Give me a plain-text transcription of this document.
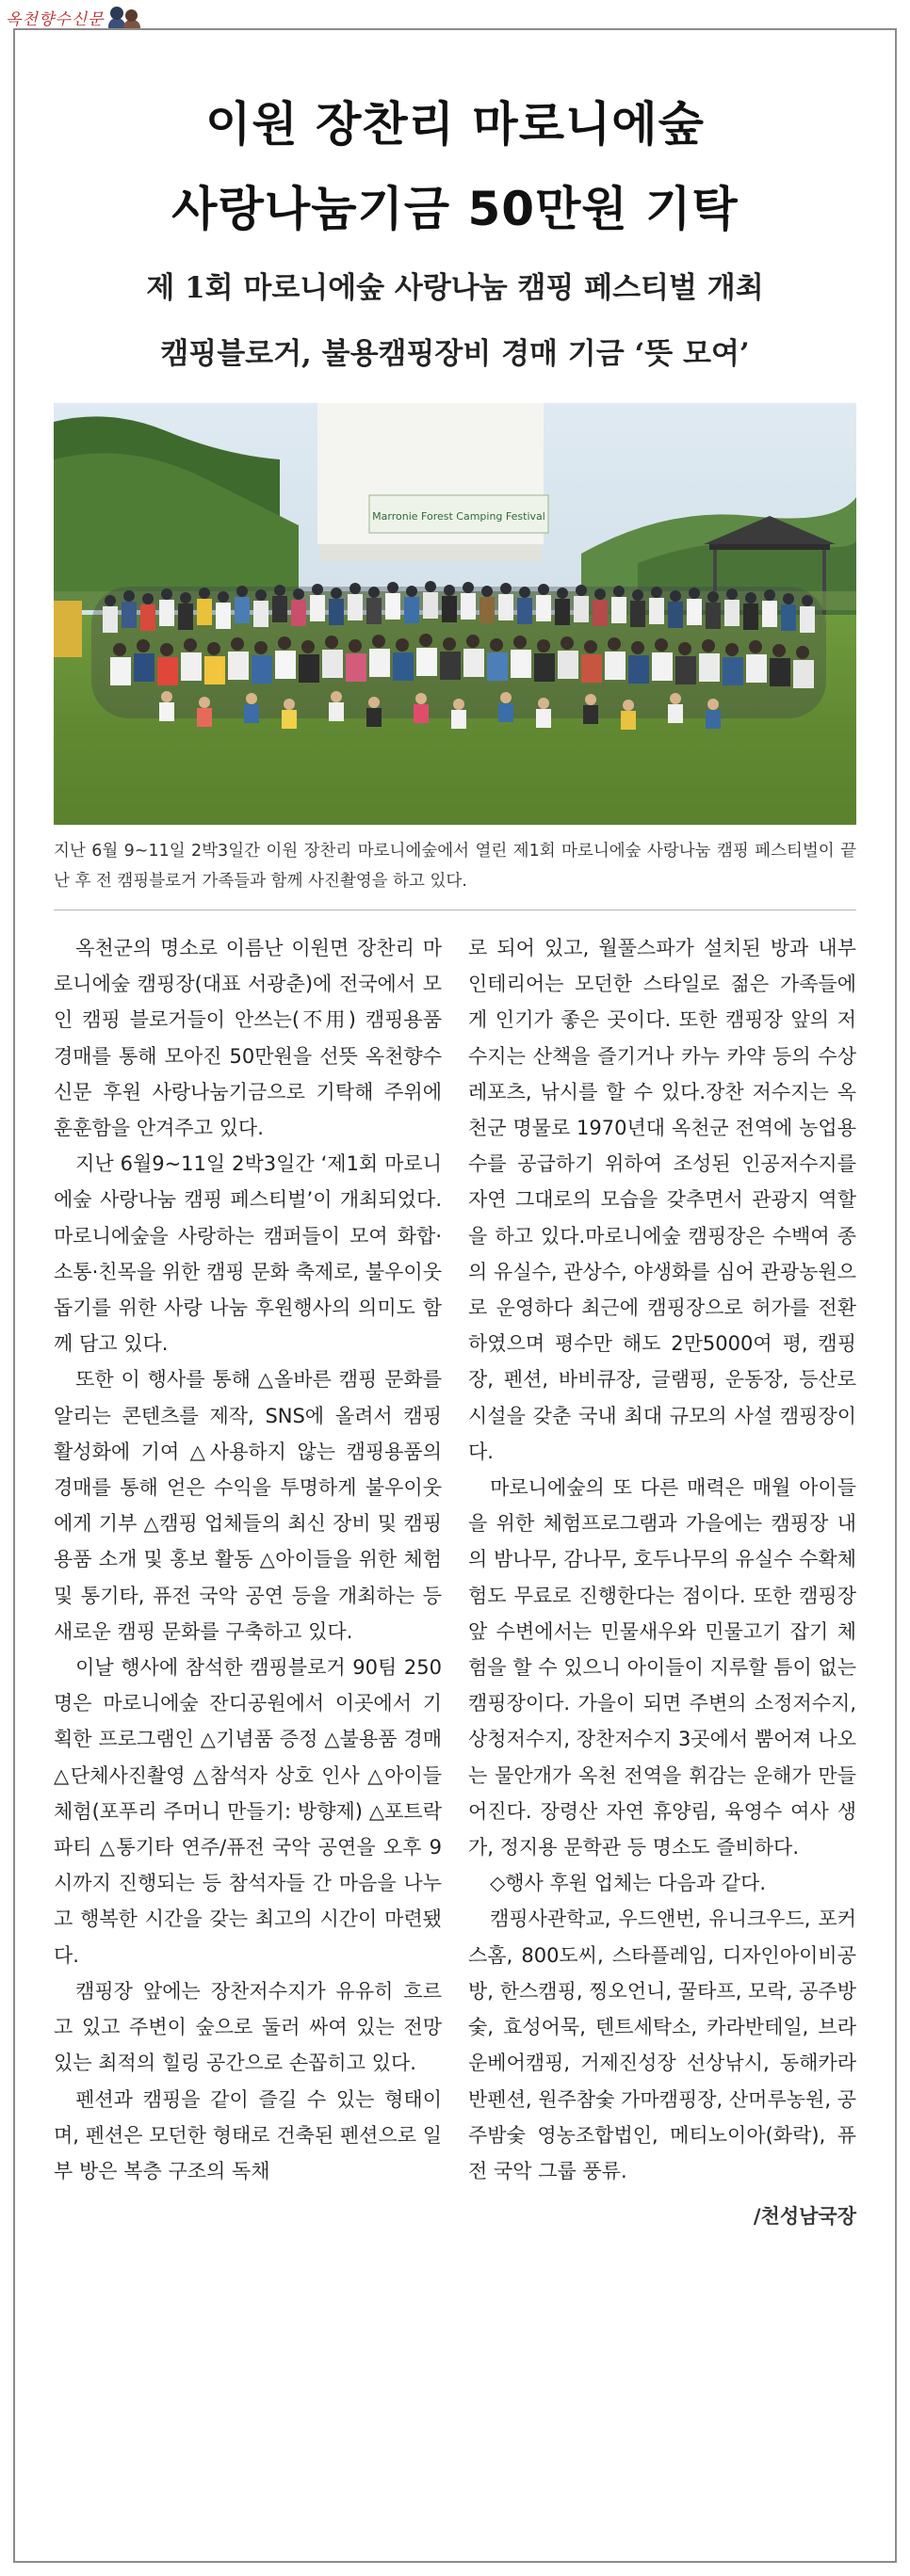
옥천향수신문
이원 장찬리 마로니에숲
사랑나눔기금 50만원 기탁
제 1회 마로니에숲 사랑나눔 캠핑 페스티벌 개최
캠핑블로거, 불용캠핑장비 경매 기금 ‘뜻 모여’
Marronie Forest Camping Festival
지난 6월 9~11일 2박3일간 이원 장찬리 마로니에숲에서 열린 제1회 마로니에숲 사랑나눔 캠핑 페스티벌이 끝난 후 전 캠핑블로거 가족들과 함께 사진촬영을 하고 있다.

옥천군의 명소로 이름난 이원면 장찬리 마로니에숲 캠핑장(대표 서광춘)에 전국에서 모인 캠핑 블로거들이 안쓰는(不用) 캠핑용품 경매를 통해 모아진 50만원을 선뜻 옥천향수신문 후원 사랑나눔기금으로 기탁해 주위에 훈훈함을 안겨주고 있다.

지난 6월9~11일 2박3일간 ‘제1회 마로니에숲 사랑나눔 캠핑 페스티벌’이 개최되었다. 마로니에숲을 사랑하는 캠퍼들이 모여 화합·소통·친목을 위한 캠핑 문화 축제로, 불우이웃 돕기를 위한 사랑 나눔 후원행사의 의미도 함께 담고 있다.

또한 이 행사를 통해 △올바른 캠핑 문화를 알리는 콘텐츠를 제작, SNS에 올려서 캠핑 활성화에 기여 △사용하지 않는 캠핑용품의 경매를 통해 얻은 수익을 투명하게 불우이웃에게 기부 △캠핑 업체들의 최신 장비 및 캠핑 용품 소개 및 홍보 활동 △아이들을 위한 체험 및 통기타, 퓨전 국악 공연 등을 개최하는 등 새로운 캠핑 문화를 구축하고 있다.

이날 행사에 참석한 캠핑블로거 90팀 250명은 마로니에숲 잔디공원에서 이곳에서 기획한 프로그램인 △기념품 증정 △불용품 경매 △단체사진촬영 △참석자 상호 인사 △아이들 체험(포푸리 주머니 만들기: 방향제) △포트락 파티 △통기타 연주/퓨전 국악 공연을 오후 9시까지 진행되는 등 참석자들 간 마음을 나누고 행복한 시간을 갖는 최고의 시간이 마련됐다.

캠핑장 앞에는 장찬저수지가 유유히 흐르고 있고 주변이 숲으로 둘러 싸여 있는 전망 있는 최적의 힐링 공간으로 손꼽히고 있다.

펜션과 캠핑을 같이 즐길 수 있는 형태이며, 펜션은 모던한 형태로 건축된 펜션으로 일부 방은 복층 구조의 독채

로 되어 있고, 월풀스파가 설치된 방과 내부 인테리어는 모던한 스타일로 젊은 가족들에게 인기가 좋은 곳이다. 또한 캠핑장 앞의 저수지는 산책을 즐기거나 카누 카약 등의 수상레포츠, 낚시를 할 수 있다.장찬 저수지는 옥천군 명물로 1970년대 옥천군 전역에 농업용수를 공급하기 위하여 조성된 인공저수지를 자연 그대로의 모습을 갖추면서 관광지 역할을 하고 있다.마로니에숲 캠핑장은 수백여 종의 유실수, 관상수, 야생화를 심어 관광농원으로 운영하다 최근에 캠핑장으로 허가를 전환하였으며 평수만 해도 2만5000여 평, 캠핑장, 펜션, 바비큐장, 글램핑, 운동장, 등산로 시설을 갖춘 국내 최대 규모의 사설 캠핑장이다.

마로니에숲의 또 다른 매력은 매월 아이들을 위한 체험프로그램과 가을에는 캠핑장 내의 밤나무, 감나무, 호두나무의 유실수 수확체험도 무료로 진행한다는 점이다. 또한 캠핑장 앞 수변에서는 민물새우와 민물고기 잡기 체험을 할 수 있으니 아이들이 지루할 틈이 없는 캠핑장이다. 가을이 되면 주변의 소정저수지, 상청저수지, 장찬저수지 3곳에서 뿜어져 나오는 물안개가 옥천 전역을 휘감는 운해가 만들어진다. 장령산 자연 휴양림, 육영수 여사 생가, 정지용 문학관 등 명소도 즐비하다.

◇행사 후원 업체는 다음과 같다.

캠핑사관학교, 우드앤번, 유니크우드, 포커스홈, 800도씨, 스타플레임, 디자인아이비공방, 한스캠핑, 찡오언니, 꿀타프, 모락, 공주방숯, 효성어묵, 텐트세탁소, 카라반테일, 브라운베어캠핑, 거제진성장 선상낚시, 동해카라반펜션, 원주참숯 가마캠핑장, 산머루농원, 공주밤숯 영농조합법인, 메티노이아(화락), 퓨전 국악 그룹 풍류.

/천성남국장
